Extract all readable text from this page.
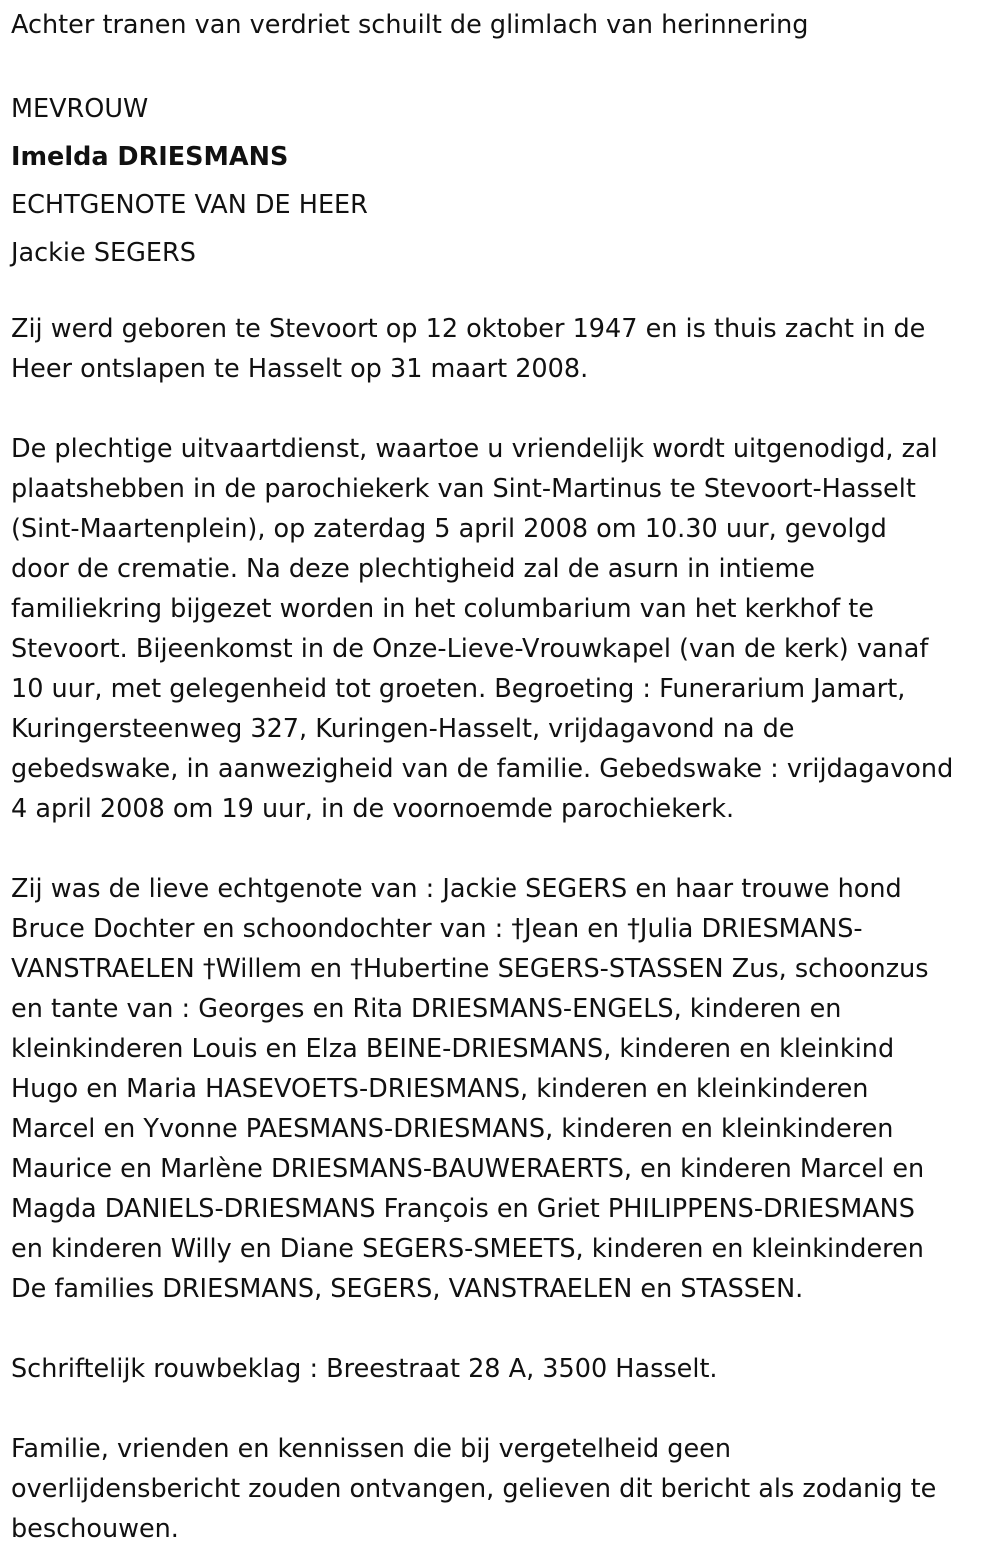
Achter tranen van verdriet schuilt de glimlach van herinnering

MEVROUW

Imelda DRIESMANS

ECHTGENOTE VAN DE HEER

Jackie SEGERS

Zij werd geboren te Stevoort op 12 oktober 1947 en is thuis zacht in de

Heer ontslapen te Hasselt op 31 maart 2008.

De plechtige uitvaartdienst, waartoe u vriendelijk wordt uitgenodigd, zal

plaatshebben in de parochiekerk van Sint-Martinus te Stevoort-Hasselt

(Sint-Maartenplein), op zaterdag 5 april 2008 om 10.30 uur, gevolgd

door de crematie. Na deze plechtigheid zal de asurn in intieme

familiekring bijgezet worden in het columbarium van het kerkhof te

Stevoort. Bijeenkomst in de Onze-Lieve-Vrouwkapel (van de kerk) vanaf

10 uur, met gelegenheid tot groeten. Begroeting : Funerarium Jamart,

Kuringersteenweg 327, Kuringen-Hasselt, vrijdagavond na de

gebedswake, in aanwezigheid van de familie. Gebedswake : vrijdagavond

4 april 2008 om 19 uur, in de voornoemde parochiekerk.

Zij was de lieve echtgenote van : Jackie SEGERS en haar trouwe hond

Bruce Dochter en schoondochter van : †Jean en †Julia DRIESMANS-

VANSTRAELEN †Willem en †Hubertine SEGERS-STASSEN Zus, schoonzus

en tante van : Georges en Rita DRIESMANS-ENGELS, kinderen en

kleinkinderen Louis en Elza BEINE-DRIESMANS, kinderen en kleinkind

Hugo en Maria HASEVOETS-DRIESMANS, kinderen en kleinkinderen

Marcel en Yvonne PAESMANS-DRIESMANS, kinderen en kleinkinderen

Maurice en Marlène DRIESMANS-BAUWERAERTS, en kinderen Marcel en

Magda DANIELS-DRIESMANS François en Griet PHILIPPENS-DRIESMANS

en kinderen Willy en Diane SEGERS-SMEETS, kinderen en kleinkinderen

De families DRIESMANS, SEGERS, VANSTRAELEN en STASSEN.

Schriftelijk rouwbeklag : Breestraat 28 A, 3500 Hasselt.

Familie, vrienden en kennissen die bij vergetelheid geen

overlijdensbericht zouden ontvangen, gelieven dit bericht als zodanig te

beschouwen.
